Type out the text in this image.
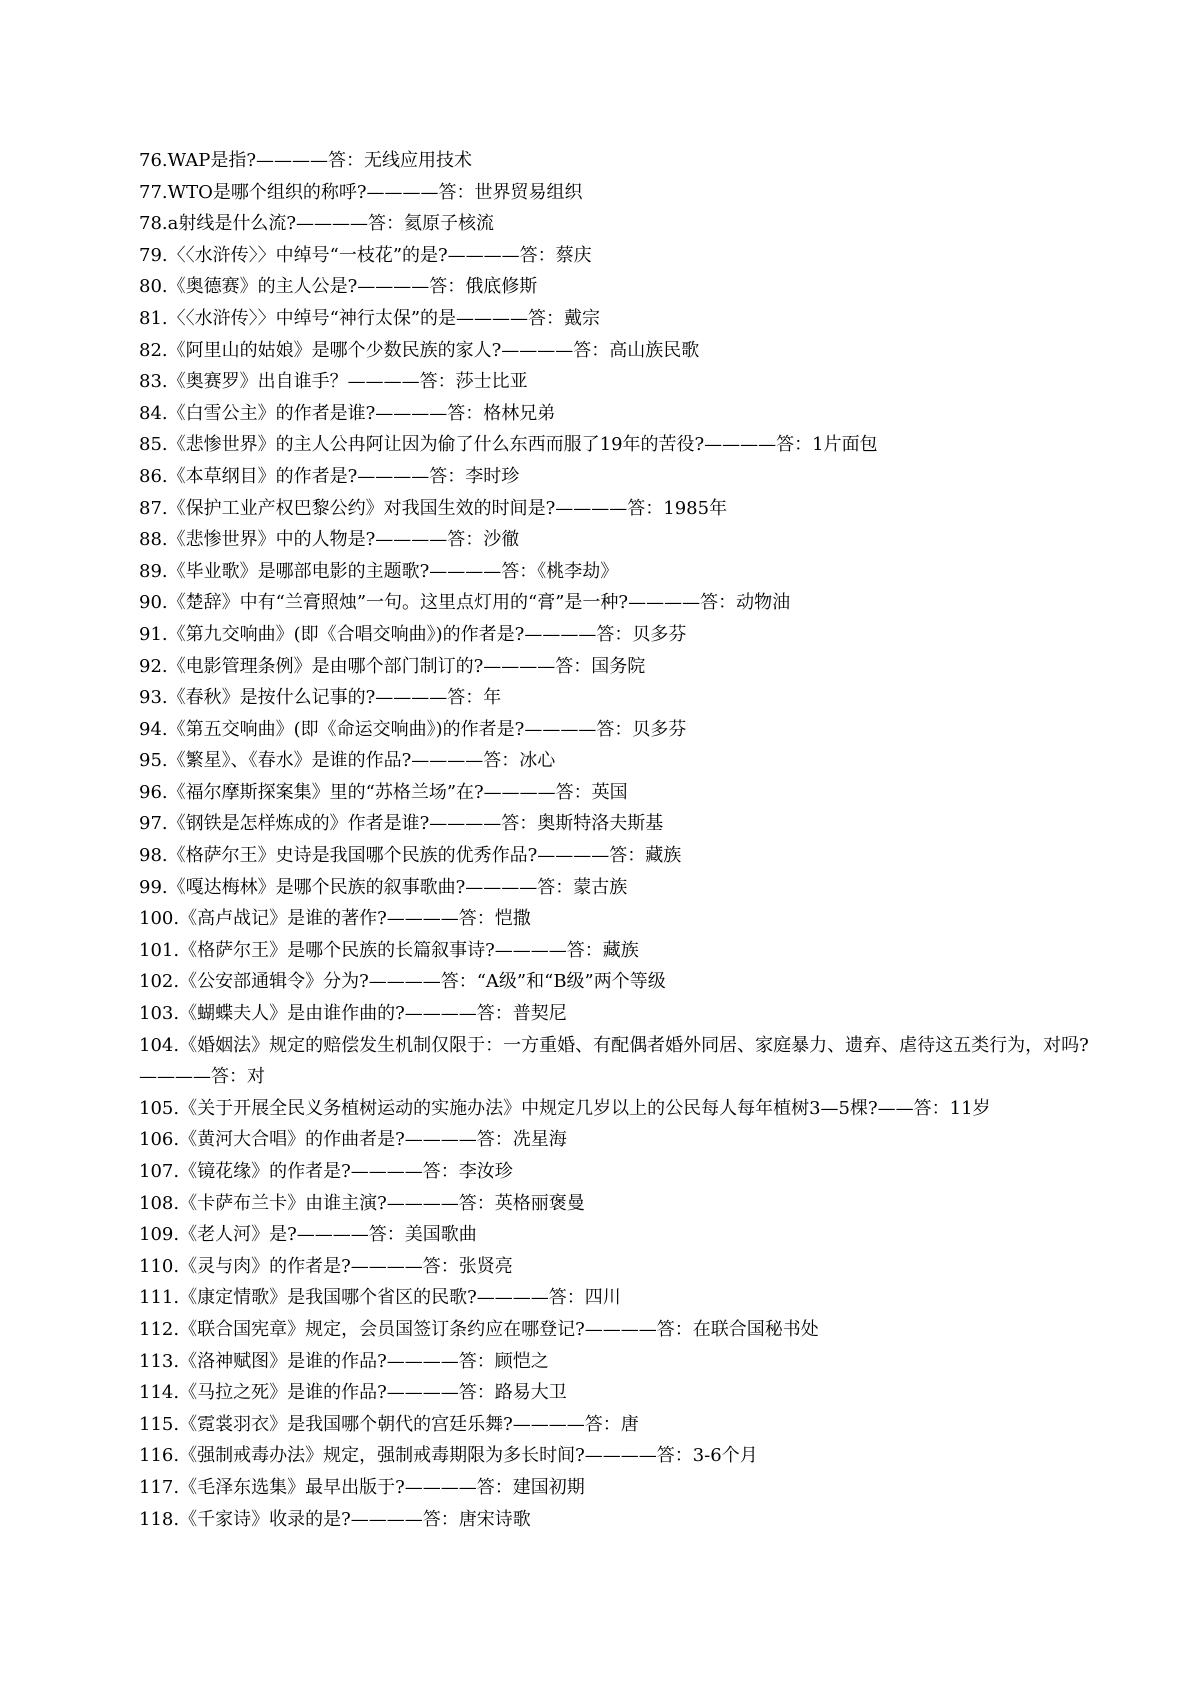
76.WAP是指?————答：无线应用技术
77.WTO是哪个组织的称呼?————答：世界贸易组织
78.a射线是什么流?————答：氦原子核流
79.〈〈水浒传〉〉中绰号“一枝花”的是?————答：蔡庆
80.《奥德赛》的主人公是?————答：俄底修斯
81.〈〈水浒传〉〉中绰号“神行太保”的是————答：戴宗
82.《阿里山的姑娘》是哪个少数民族的家人?————答：高山族民歌
83.《奥赛罗》出自谁手？————答：莎士比亚
84.《白雪公主》的作者是谁?————答：格林兄弟
85.《悲惨世界》的主人公冉阿让因为偷了什么东西而服了19年的苦役?————答：1片面包
86.《本草纲目》的作者是?————答：李时珍
87.《保护工业产权巴黎公约》对我国生效的时间是?————答：1985年
88.《悲惨世界》中的人物是?————答：沙徹
89.《毕业歌》是哪部电影的主题歌?————答：《桃李劫》
90.《楚辞》中有“兰膏照烛”一句。这里点灯用的“膏”是一种?————答：动物油
91.《第九交响曲》(即《合唱交响曲》)的作者是?————答：贝多芬
92.《电影管理条例》是由哪个部门制订的?————答：国务院
93.《春秋》是按什么记事的?————答：年
94.《第五交响曲》(即《命运交响曲》)的作者是?————答：贝多芬
95.《繁星》、《春水》是谁的作品?————答：冰心
96.《福尔摩斯探案集》里的“苏格兰场”在?————答：英国
97.《钢铁是怎样炼成的》作者是谁?————答：奥斯特洛夫斯基
98.《格萨尔王》史诗是我国哪个民族的优秀作品?————答：藏族
99.《嘎达梅林》是哪个民族的叙事歌曲?————答：蒙古族
100.《高卢战记》是谁的著作?————答：恺撒
101.《格萨尔王》是哪个民族的长篇叙事诗?————答：藏族
102.《公安部通辑令》分为?————答：“A级”和“B级”两个等级
103.《蝴蝶夫人》是由谁作曲的?————答：普契尼
104.《婚姻法》规定的赔偿发生机制仅限于：一方重婚、有配偶者婚外同居、家庭暴力、遗弃、虐待这五类行为，对吗?————答：对
105.《关于开展全民义务植树运动的实施办法》中规定几岁以上的公民每人每年植树3—5棵?——答：11岁
106.《黄河大合唱》的作曲者是?————答：冼星海
107.《镜花缘》的作者是?————答：李汝珍
108.《卡萨布兰卡》由谁主演?————答：英格丽褒曼
109.《老人河》是?————答：美国歌曲
110.《灵与肉》的作者是?————答：张贤亮
111.《康定情歌》是我国哪个省区的民歌?————答：四川
112.《联合国宪章》规定，会员国签订条约应在哪登记?————答：在联合国秘书处
113.《洛神赋图》是谁的作品?————答：顾恺之
114.《马拉之死》是谁的作品?————答：路易大卫
115.《霓裳羽衣》是我国哪个朝代的宫廷乐舞?————答：唐
116.《强制戒毒办法》规定，强制戒毒期限为多长时间?————答：3-6个月
117.《毛泽东选集》最早出版于?————答：建国初期
118.《千家诗》收录的是?————答：唐宋诗歌
